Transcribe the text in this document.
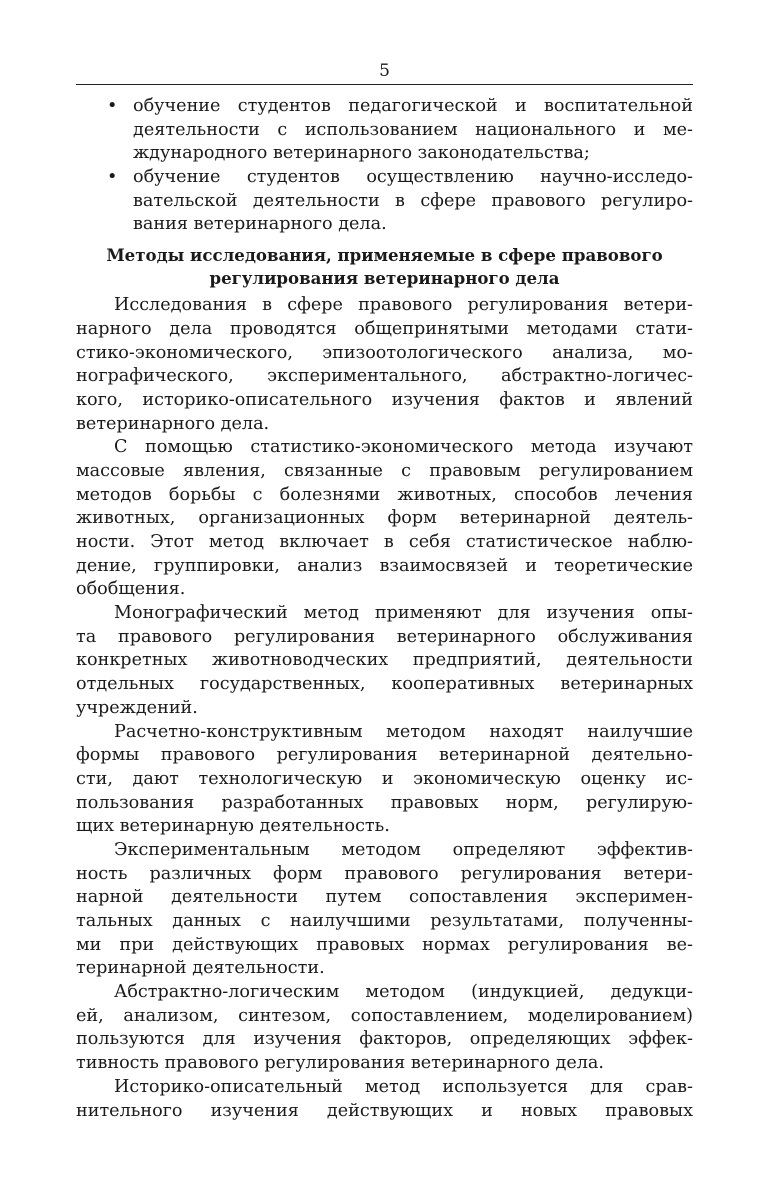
5
• обучение студентов педагогической и воспитательной
деятельности с использованием национального и ме-
ждународного ветеринарного законодательства;
• обучение студентов осуществлению научно-исследо-
вательской деятельности в сфере правового регулиро-
вания ветеринарного дела.
Методы исследования, применяемые в сфере правового
регулирования ветеринарного дела
Исследования в сфере правового регулирования ветери-
нарного дела проводятся общепринятыми методами стати-
стико-экономического, эпизоотологического анализа, мо-
нографического, экспериментального, абстрактно-логичес-
кого, историко-описательного изучения фактов и явлений
ветеринарного дела.
С помощью статистико-экономического метода изучают
массовые явления, связанные с правовым регулированием
методов борьбы с болезнями животных, способов лечения
животных, организационных форм ветеринарной деятель-
ности. Этот метод включает в себя статистическое наблю-
дение, группировки, анализ взаимосвязей и теоретические
обобщения.
Монографический метод применяют для изучения опы-
та правового регулирования ветеринарного обслуживания
конкретных животноводческих предприятий, деятельности
отдельных государственных, кооперативных ветеринарных
учреждений.
Расчетно-конструктивным методом находят наилучшие
формы правового регулирования ветеринарной деятельно-
сти, дают технологическую и экономическую оценку ис-
пользования разработанных правовых норм, регулирую-
щих ветеринарную деятельность.
Экспериментальным методом определяют эффектив-
ность различных форм правового регулирования ветери-
нарной деятельности путем сопоставления эксперимен-
тальных данных с наилучшими результатами, полученны-
ми при действующих правовых нормах регулирования ве-
теринарной деятельности.
Абстрактно-логическим методом (индукцией, дедукци-
ей, анализом, синтезом, сопоставлением, моделированием)
пользуются для изучения факторов, определяющих эффек-
тивность правового регулирования ветеринарного дела.
Историко-описательный метод используется для срав-
нительного изучения действующих и новых правовых
